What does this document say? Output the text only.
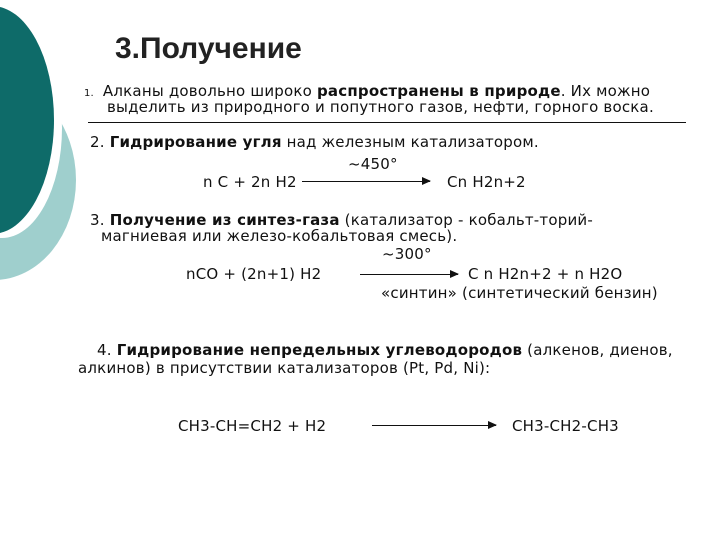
3.Получение
1. Алканы довольно широко распространены в природе. Их можно
выделить из природного и попутного газов, нефти, горного воска.
2. Гидрирование угля над железным катализатором.
~450°
n C + 2n H2	Cn H2n+2
3. Получение из синтез-газа (катализатор - кобальт-торий-
магниевая или железо-кобальтовая смесь).
~300°
nCO + (2n+1) H2	C n H2n+2 + n H2O
«синтин» (синтетический бензин)
4. Гидрирование непредельных углеводородов (алкенов, диенов,
алкинов) в присутствии катализаторов (Pt, Pd, Ni):
CH3-CH=CH2 + H2	CH3-CH2-CH3
